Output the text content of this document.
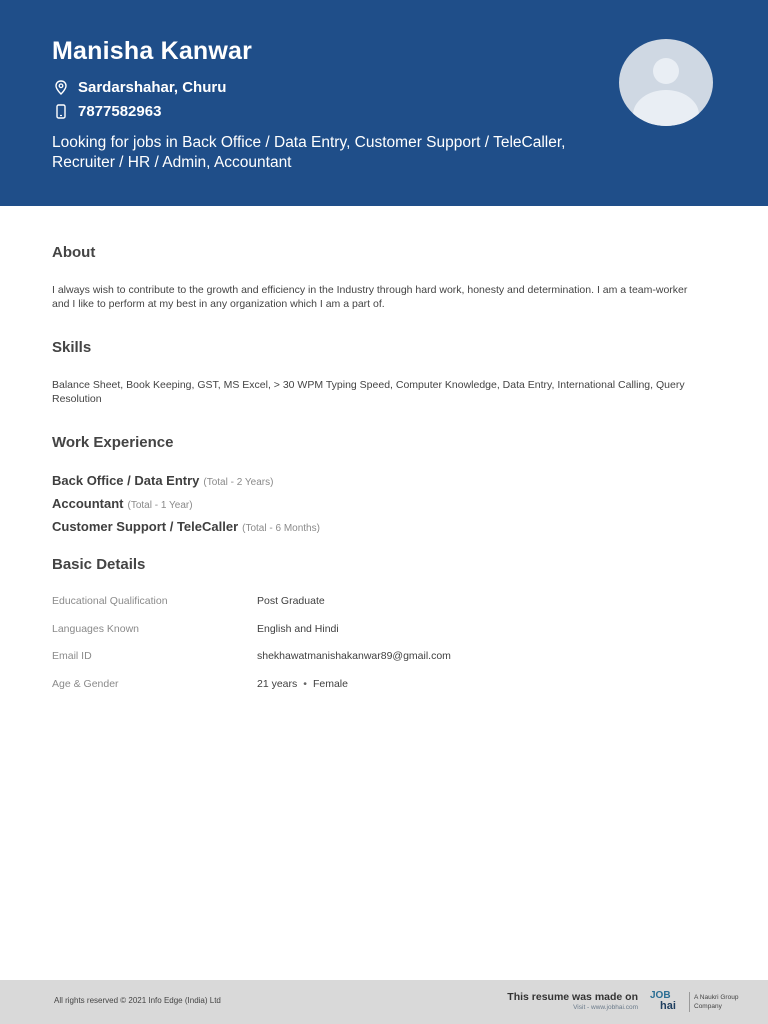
Manisha Kanwar
Sardarshahar, Churu
7877582963
Looking for jobs in Back Office / Data Entry, Customer Support / TeleCaller, Recruiter / HR / Admin, Accountant
About
I always wish to contribute to the growth and efficiency in the Industry through hard work, honesty and determination. I am a team-worker and I like to perform at my best in any organization which I am a part of.
Skills
Balance Sheet, Book Keeping, GST, MS Excel, > 30 WPM Typing Speed, Computer Knowledge, Data Entry, International Calling, Query Resolution
Work Experience
Back Office / Data Entry (Total - 2 Years)
Accountant (Total - 1 Year)
Customer Support / TeleCaller (Total - 6 Months)
Basic Details
Educational Qualification	Post Graduate
Languages Known	English and Hindi
Email ID	shekhawatmanishakanwar89@gmail.com
Age & Gender	21 years • Female
All rights reserved © 2021 Info Edge (India) Ltd	This resume was made on
Visit - www.jobhai.com
JOB
hai
A Naukri Group
Company
